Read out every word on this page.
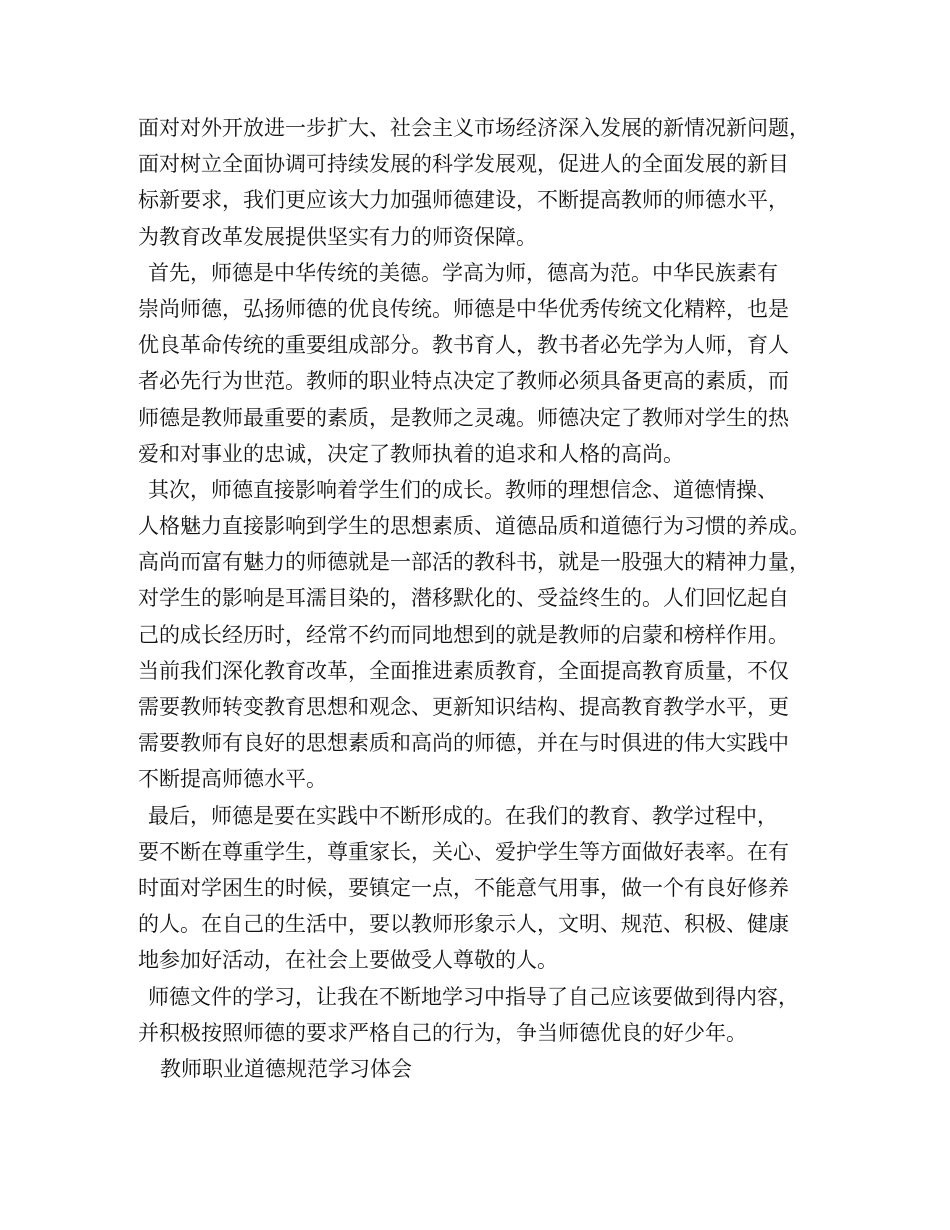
面对对外开放进一步扩大、社会主义市场经济深入发展的新情况新问题，
面对树立全面协调可持续发展的科学发展观，促进人的全面发展的新目
标新要求，我们更应该大力加强师德建设，不断提高教师的师德水平，
为教育改革发展提供坚实有力的师资保障。
首先，师德是中华传统的美德。学高为师，德高为范。中华民族素有
崇尚师德，弘扬师德的优良传统。师德是中华优秀传统文化精粹，也是
优良革命传统的重要组成部分。教书育人，教书者必先学为人师，育人
者必先行为世范。教师的职业特点决定了教师必须具备更高的素质，而
师德是教师最重要的素质，是教师之灵魂。师德决定了教师对学生的热
爱和对事业的忠诚，决定了教师执着的追求和人格的高尚。
其次，师德直接影响着学生们的成长。教师的理想信念、道德情操、
人格魅力直接影响到学生的思想素质、道德品质和道德行为习惯的养成。
高尚而富有魅力的师德就是一部活的教科书，就是一股强大的精神力量，
对学生的影响是耳濡目染的，潜移默化的、受益终生的。人们回忆起自
己的成长经历时，经常不约而同地想到的就是教师的启蒙和榜样作用。
当前我们深化教育改革，全面推进素质教育，全面提高教育质量，不仅
需要教师转变教育思想和观念、更新知识结构、提高教育教学水平，更
需要教师有良好的思想素质和高尚的师德，并在与时俱进的伟大实践中
不断提高师德水平。
最后，师德是要在实践中不断形成的。在我们的教育、教学过程中，
要不断在尊重学生，尊重家长，关心、爱护学生等方面做好表率。在有
时面对学困生的时候，要镇定一点，不能意气用事，做一个有良好修养
的人。在自己的生活中，要以教师形象示人，文明、规范、积极、健康
地参加好活动，在社会上要做受人尊敬的人。
师德文件的学习，让我在不断地学习中指导了自己应该要做到得内容，
并积极按照师德的要求严格自己的行为，争当师德优良的好少年。
教师职业道德规范学习体会
